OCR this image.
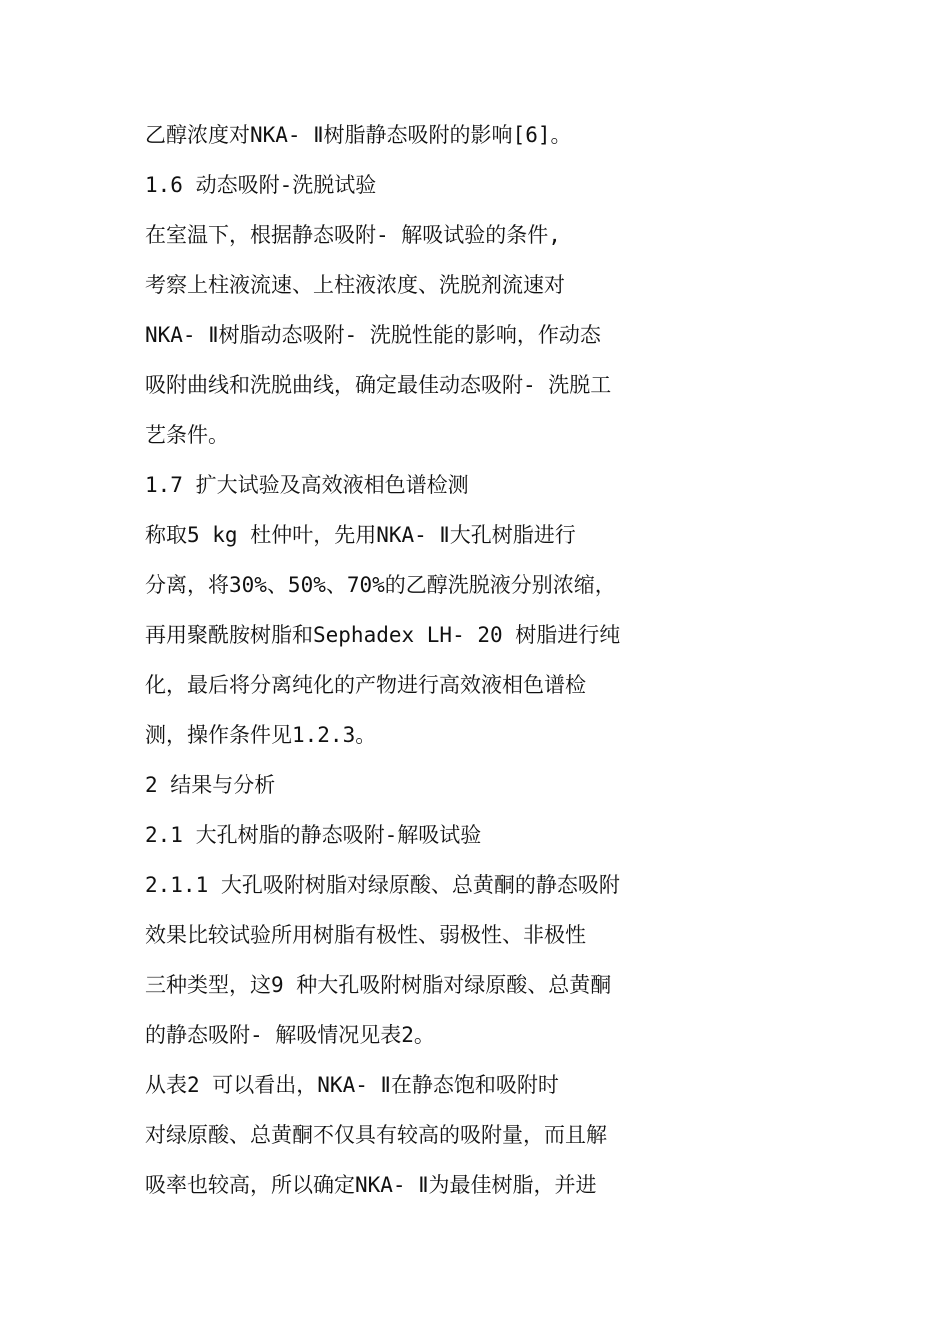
乙醇浓度对NKA- Ⅱ树脂静态吸附的影响[6]。
1.6 动态吸附-洗脱试验
在室温下，根据静态吸附- 解吸试验的条件,
考察上柱液流速、上柱液浓度、洗脱剂流速对
NKA- Ⅱ树脂动态吸附- 洗脱性能的影响，作动态
吸附曲线和洗脱曲线，确定最佳动态吸附- 洗脱工
艺条件。
1.7 扩大试验及高效液相色谱检测
称取5 kg 杜仲叶，先用NKA- Ⅱ大孔树脂进行
分离，将30%、50%、70%的乙醇洗脱液分别浓缩，
再用聚酰胺树脂和Sephadex LH- 20 树脂进行纯
化，最后将分离纯化的产物进行高效液相色谱检
测，操作条件见1.2.3。
2 结果与分析
2.1 大孔树脂的静态吸附-解吸试验
2.1.1 大孔吸附树脂对绿原酸、总黄酮的静态吸附
效果比较试验所用树脂有极性、弱极性、非极性
三种类型，这9 种大孔吸附树脂对绿原酸、总黄酮
的静态吸附- 解吸情况见表2。
从表2 可以看出，NKA- Ⅱ在静态饱和吸附时
对绿原酸、总黄酮不仅具有较高的吸附量，而且解
吸率也较高，所以确定NKA- Ⅱ为最佳树脂，并进
